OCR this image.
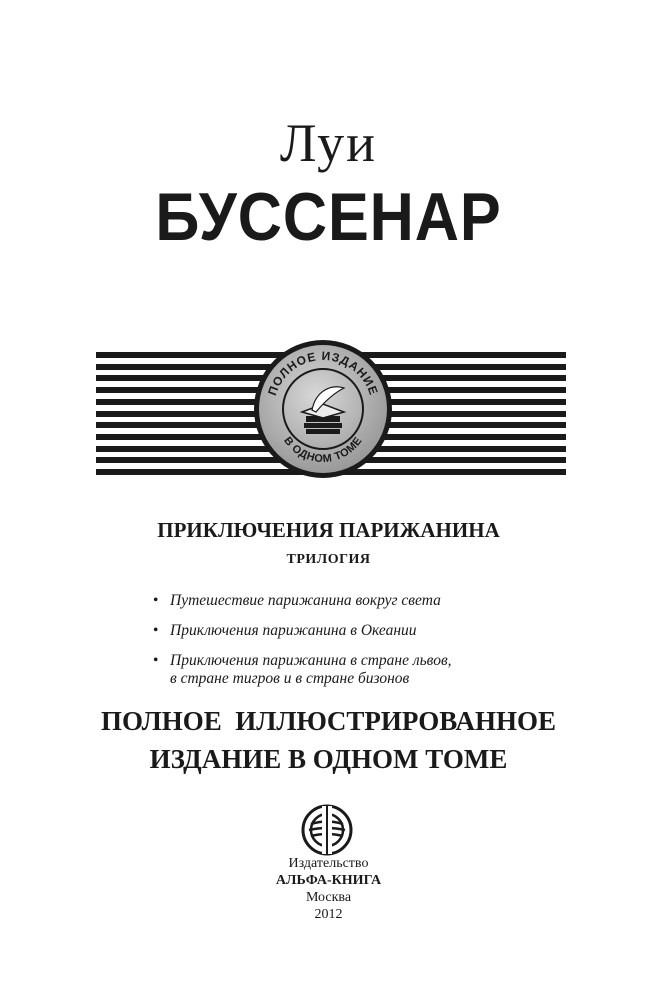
Луи
БУССЕНАР
ПОЛНОЕ ИЗДАНИЕ
В ОДНОМ ТОМЕ
ПРИКЛЮЧЕНИЯ ПАРИЖАНИНА
ТРИЛОГИЯ
• Путешествие парижанина вокруг света
• Приключения парижанина в Океании
• Приключения парижанина в стране львов,
в стране тигров и в стране бизонов
ПОЛНОЕ  ИЛЛЮСТРИРОВАННОЕ
ИЗДАНИЕ В ОДНОМ ТОМЕ
Издательство
АЛЬФА-КНИГА
Москва
2012
